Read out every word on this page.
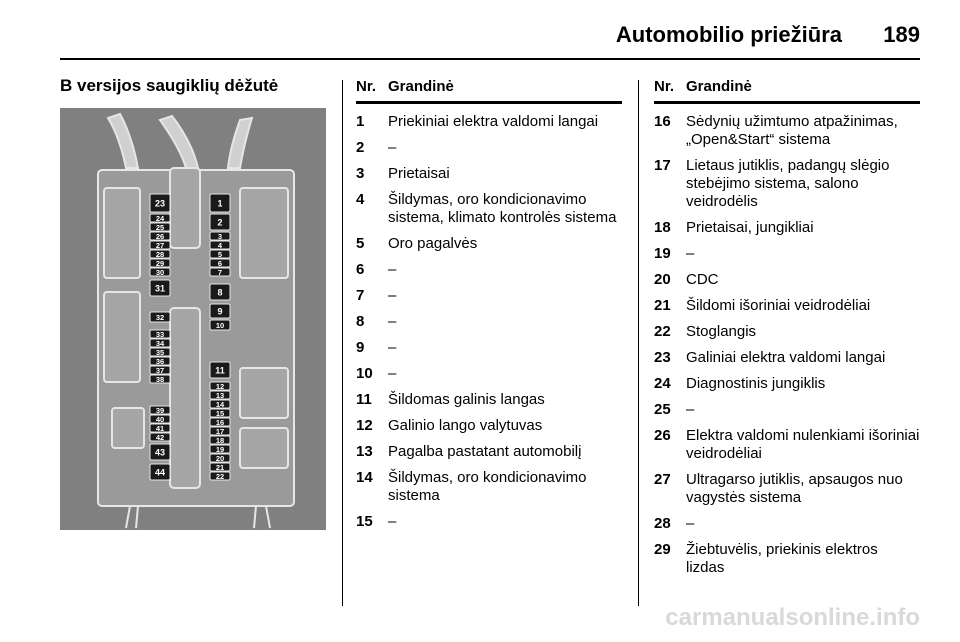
Automobilio priežiūra 189
B versijos saugiklių dėžutė
1
2
3
4
5
6
7
8
9
10
11
12
13
14
15
16
17
18
19
20
21
22
23
24
25
26
27
28
29
30
31
32
33
34
35
36
37
38
39
40
41
42
43
44
Nr. Grandinė
1	Priekiniai elektra valdomi langai
2	–
3	Prietaisai
4	Šildymas, oro kondicionavimo sistema, klimato kontrolės sistema
5	Oro pagalvės
6	–
7	–
8	–
9	–
10	–
11	Šildomas galinis langas
12	Galinio lango valytuvas
13	Pagalba pastatant automobilį
14	Šildymas, oro kondicionavimo sistema
15	–
Nr. Grandinė
16	Sėdynių užimtumo atpažinimas, „Open&Start“ sistema
17	Lietaus jutiklis, padangų slėgio stebėjimo sistema, salono veidrodėlis
18	Prietaisai, jungikliai
19	–
20	CDC
21	Šildomi išoriniai veidrodėliai
22	Stoglangis
23	Galiniai elektra valdomi langai
24	Diagnostinis jungiklis
25	–
26	Elektra valdomi nulenkiami išoriniai veidrodėliai
27	Ultragarso jutiklis, apsaugos nuo vagystės sistema
28	–
29	Žiebtuvėlis, priekinis elektros lizdas
carmanualsonline.info
